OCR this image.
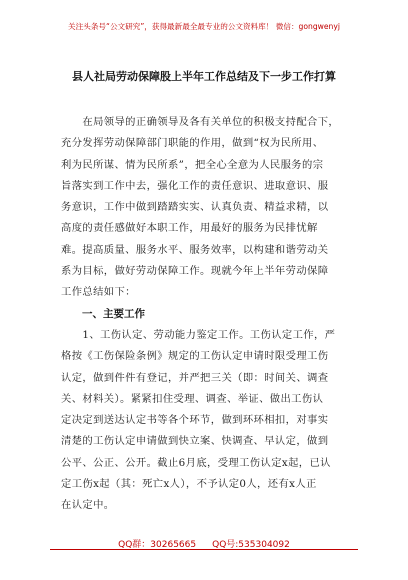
关注头条号“公文研究”，获得最新最全最专业的公文资料库！ 微信：gongwenyj
县人社局劳动保障股上半年工作总结及下一步工作打算
　　在局领导的正确领导及各有关单位的积极支持配合下，
充分发挥劳动保障部门职能的作用，做到“权为民所用、
利为民所谋、情为民所系”，把全心全意为人民服务的宗
旨落实到工作中去，强化工作的责任意识、进取意识、服
务意识，工作中做到踏踏实实、认真负责、精益求精，以
高度的责任感做好本职工作，用最好的服务为民排忧解
难。提高质量、服务水平、服务效率，以构建和谐劳动关
系为目标，做好劳动保障工作。现就今年上半年劳动保障
工作总结如下：
　　一、主要工作
　　1、工伤认定、劳动能力鉴定工作。工伤认定工作，严
格按《工伤保险条例》规定的工伤认定申请时限受理工伤
认定，做到件件有登记，并严把三关（即：时间关、调查
关、材料关）。紧紧扣住受理、调查、举证、做出工伤认
定决定到送达认定书等各个环节，做到环环相扣，对事实
清楚的工伤认定申请做到快立案、快调查、早认定，做到
公平、公正、公开。截止6月底，受理工伤认定x起，已认
定工伤x起（其：死亡x人），不予认定0人，还有x人正
在认定中。
QQ群：30265665 QQ号:535304092
